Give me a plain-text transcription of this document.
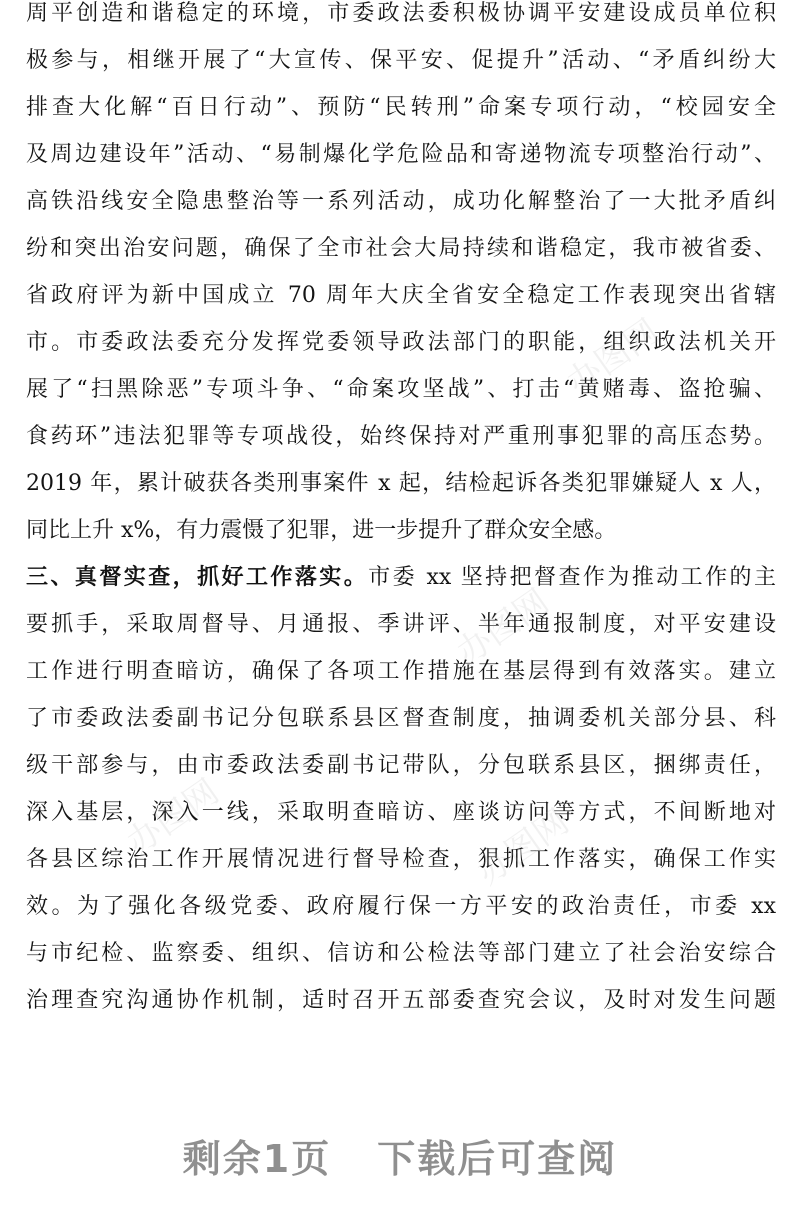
周平创造和谐稳定的环境，市委政法委积极协调平安建设成员单位积
极参与，相继开展了“大宣传、保平安、促提升”活动、“矛盾纠纷大
排查大化解“百日行动”、预防“民转刑”命案专项行动，“校园安全
及周边建设年”活动、“易制爆化学危险品和寄递物流专项整治行动”、
高铁沿线安全隐患整治等一系列活动，成功化解整治了一大批矛盾纠
纷和突出治安问题，确保了全市社会大局持续和谐稳定，我市被省委、
省政府评为新中国成立 70 周年大庆全省安全稳定工作表现突出省辖
市。市委政法委充分发挥党委领导政法部门的职能，组织政法机关开
展了“扫黑除恶”专项斗争、“命案攻坚战”、打击“黄赌毒、盗抢骗、
食药环”违法犯罪等专项战役，始终保持对严重刑事犯罪的高压态势。
2019 年，累计破获各类刑事案件 x 起，结检起诉各类犯罪嫌疑人 x 人，
同比上升 x%，有力震慑了犯罪，进一步提升了群众安全感。
三、真督实查，抓好工作落实。市委 xx 坚持把督查作为推动工作的主
要抓手，采取周督导、月通报、季讲评、半年通报制度，对平安建设
工作进行明查暗访，确保了各项工作措施在基层得到有效落实。建立
了市委政法委副书记分包联系县区督查制度，抽调委机关部分县、科
级干部参与，由市委政法委副书记带队，分包联系县区，捆绑责任，
深入基层，深入一线，采取明查暗访、座谈访问等方式，不间断地对
各县区综治工作开展情况进行督导检查，狠抓工作落实，确保工作实
效。为了强化各级党委、政府履行保一方平安的政治责任，市委 xx
与市纪检、监察委、组织、信访和公检法等部门建立了社会治安综合
治理查究沟通协作机制，适时召开五部委查究会议，及时对发生问题
办图网
办图网
办图网	办图网
剩余1页 下载后可查阅
